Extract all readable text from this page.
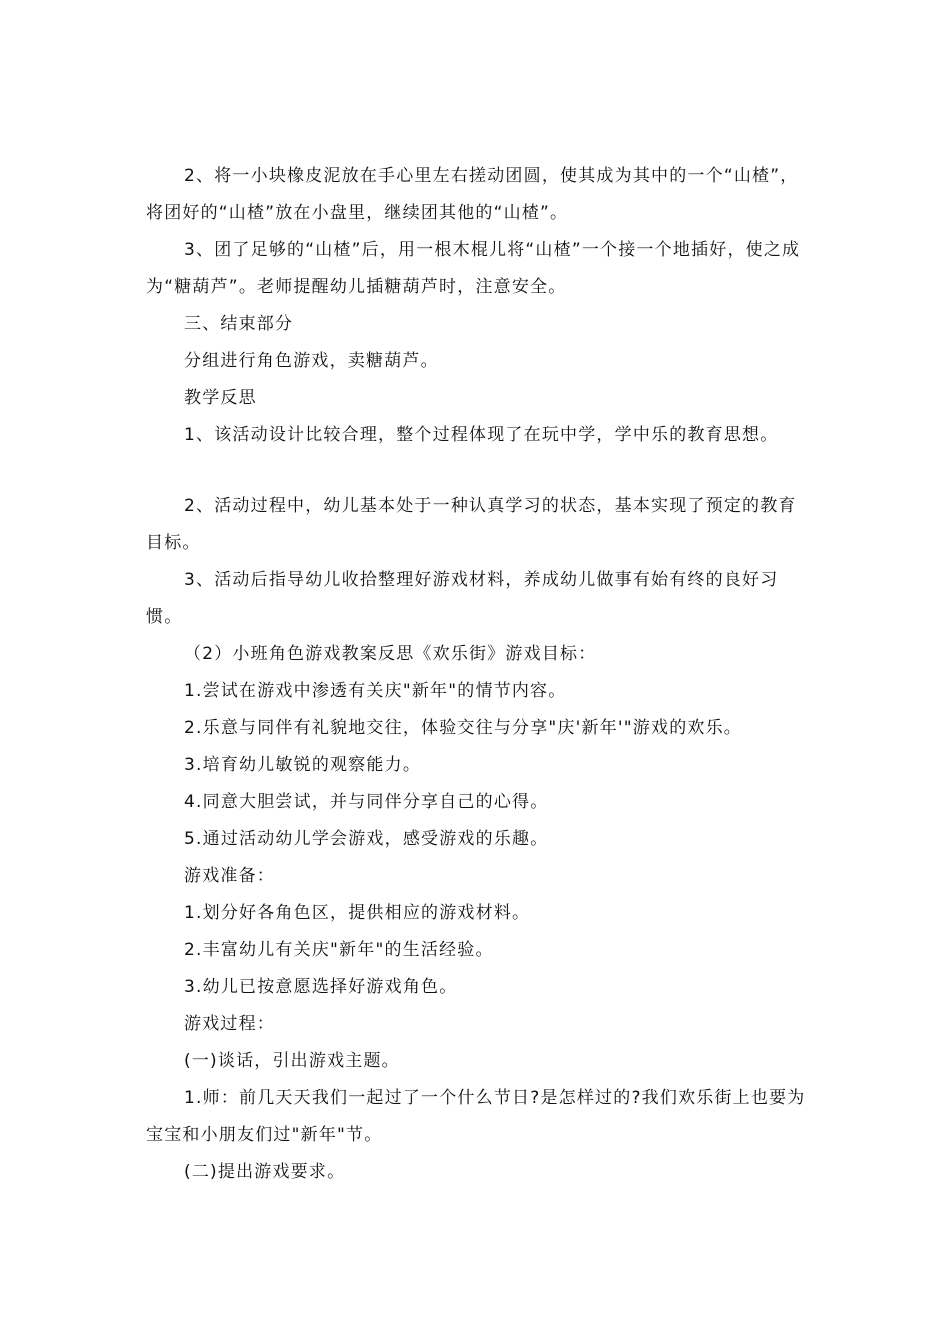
2、将一小块橡皮泥放在手心里左右搓动团圆，使其成为其中的一个“山楂”，将团好的“山楂”放在小盘里，继续团其他的“山楂”。

3、团了足够的“山楂”后，用一根木棍儿将“山楂”一个接一个地插好，使之成为“糖葫芦”。老师提醒幼儿插糖葫芦时，注意安全。

三、结束部分

分组进行角色游戏，卖糖葫芦。

教学反思

1、该活动设计比较合理，整个过程体现了在玩中学，学中乐的教育思想。

2、活动过程中，幼儿基本处于一种认真学习的状态，基本实现了预定的教育目标。

3、活动后指导幼儿收拾整理好游戏材料，养成幼儿做事有始有终的良好习惯。

（2）小班角色游戏教案反思《欢乐街》游戏目标：

1.尝试在游戏中渗透有关庆"新年"的情节内容。

2.乐意与同伴有礼貌地交往，体验交往与分享"庆'新年'"游戏的欢乐。

3.培育幼儿敏锐的观察能力。

4.同意大胆尝试，并与同伴分享自己的心得。

5.通过活动幼儿学会游戏，感受游戏的乐趣。

游戏准备：

1.划分好各角色区，提供相应的游戏材料。

2.丰富幼儿有关庆"新年"的生活经验。

3.幼儿已按意愿选择好游戏角色。

游戏过程：

(一)谈话，引出游戏主题。

1.师：前几天天我们一起过了一个什么节日?是怎样过的?我们欢乐街上也要为宝宝和小朋友们过"新年"节。

(二)提出游戏要求。
